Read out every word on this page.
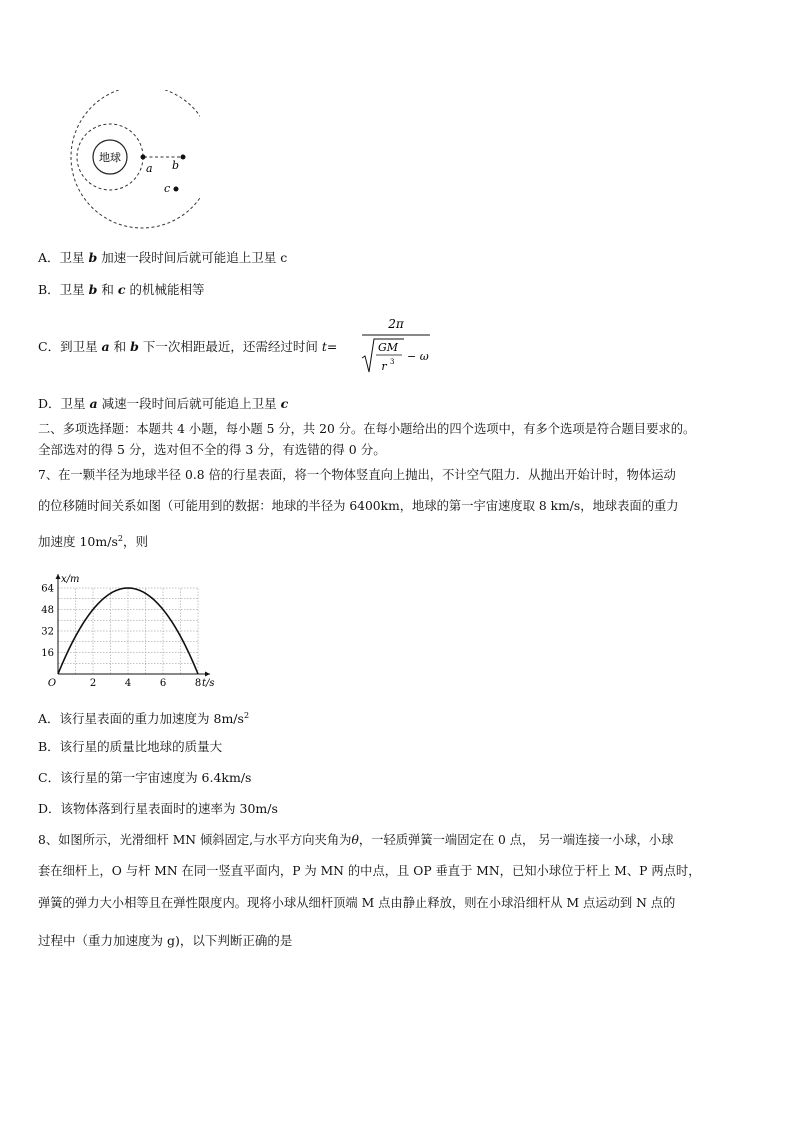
地球
a b
c
A．卫星 b 加速一段时间后就可能追上卫星 c
B．卫星 b 和 c 的机械能相等
C．到卫星 a 和 b 下一次相距最近，还需经过时间 t=
2π
GM
r 3 − ω
D．卫星 a 减速一段时间后就可能追上卫星 c
二、多项选择题：本题共 4 小题，每小题 5 分，共 20 分。在每小题给出的四个选项中，有多个选项是符合题目要求的。
全部选对的得 5 分，选对但不全的得 3 分，有选错的得 0 分。
7、在一颗半径为地球半径 0.8 倍的行星表面，将一个物体竖直向上抛出，不计空气阻力．从抛出开始计时，物体运动
的位移随时间关系如图（可能用到的数据：地球的半径为 6400km，地球的第一宇宙速度取 8 km/s，地球表面的重力
加速度 $10m/s^2$，则
x/m
t/s
O	2	4	6	8
16
32
48
64
A．该行星表面的重力加速度为 $8m/s^2$
B．该行星的质量比地球的质量大
C．该行星的第一宇宙速度为 6.4km/s
D．该物体落到行星表面时的速率为 30m/s
8、如图所示，光滑细杆 MN 倾斜固定,与水平方向夹角为θ，一轻质弹簧一端固定在 0 点， 另一端连接一小球，小球
套在细杆上，O 与杆 MN 在同一竖直平面内，P 为 MN 的中点，且 OP 垂直于 MN，已知小球位于杆上 M、P 两点时，
弹簧的弹力大小相等且在弹性限度内。现将小球从细杆顶端 M 点由静止释放，则在小球沿细杆从 M 点运动到 N 点的
过程中（重力加速度为 g)，以下判断正确的是
